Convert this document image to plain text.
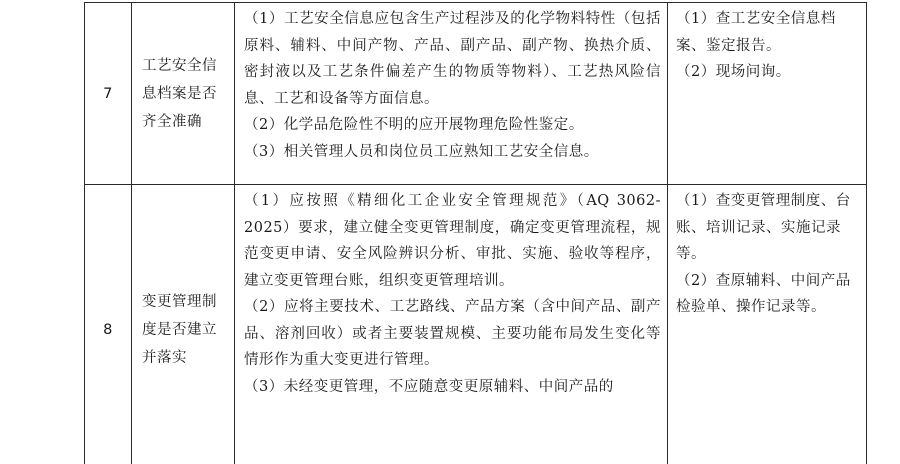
7	工艺安全信息档案是否齐全准确	（1）工艺安全信息应包含生产过程涉及的化学物料特性（包括原料、辅料、中间产物、产品、副产品、副产物、换热介质、密封液以及工艺条件偏差产生的物质等物料）、工艺热风险信息、工艺和设备等方面信息。
（2）化学品危险性不明的应开展物理危险性鉴定。
（3）相关管理人员和岗位员工应熟知工艺安全信息。	（1）查工艺安全信息档案、鉴定报告。
（2）现场问询。

8	变更管理制度是否建立并落实	（1）应按照《精细化工企业安全管理规范》（AQ 3062-2025）要求，建立健全变更管理制度，确定变更管理流程，规范变更申请、安全风险辨识分析、审批、实施、验收等程序，建立变更管理台账，组织变更管理培训。
（2）应将主要技术、工艺路线、产品方案（含中间产品、副产品、溶剂回收）或者主要装置规模、主要功能布局发生变化等情形作为重大变更进行管理。
（3）未经变更管理，不应随意变更原辅料、中间产品的	（1）查变更管理制度、台账、培训记录、实施记录等。
（2）查原辅料、中间产品检验单、操作记录等。
